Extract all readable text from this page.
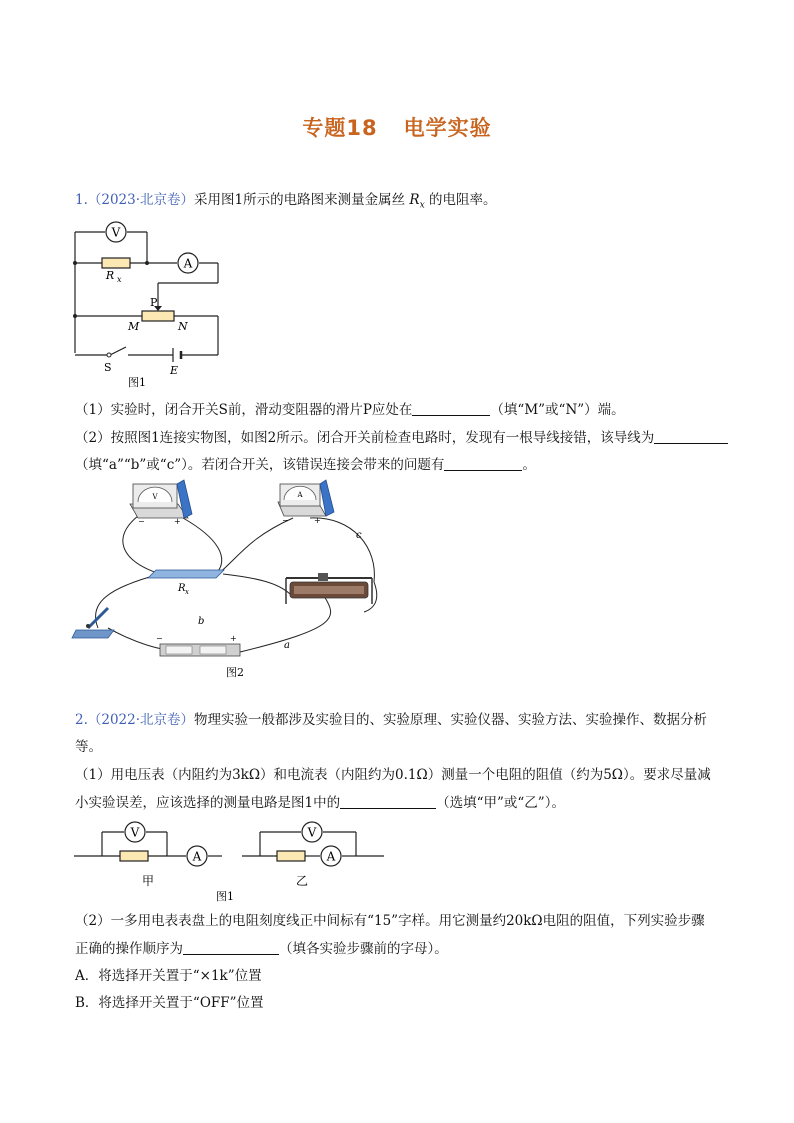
专题18 电学实验
1.（2023·北京卷）采用图1所示的电路图来测量金属丝 $R_x$ 的电阻率。
V
R x
A
P
M	N
S	E
图1
（1）实验时，闭合开关S前，滑动变阻器的滑片P应处在	（填“M”或“N”）端。
（2）按照图1连接实物图，如图2所示。闭合开关前检查电路时，发现有一根导线接错，该导线为
（填“a”“b”或“c”）。若闭合开关，该错误连接会带来的问题有	。
V
−	+
A
−	+
R x
c
b
a
−	+
图2
2.（2022·北京卷）物理实验一般都涉及实验目的、实验原理、实验仪器、实验方法、实验操作、数据分析
等。
（1）用电压表（内阻约为3kΩ）和电流表（内阻约为0.1Ω）测量一个电阻的阻值（约为5Ω）。要求尽量减
小实验误差，应该选择的测量电路是图1中的	（选填“甲”或“乙”）。
V
A
甲
V
A
乙
图1
（2）一多用电表表盘上的电阻刻度线正中间标有“15”字样。用它测量约20kΩ电阻的阻值，下列实验步骤
正确的操作顺序为	（填各实验步骤前的字母）。
A．将选择开关置于“×1k”位置
B．将选择开关置于“OFF”位置
